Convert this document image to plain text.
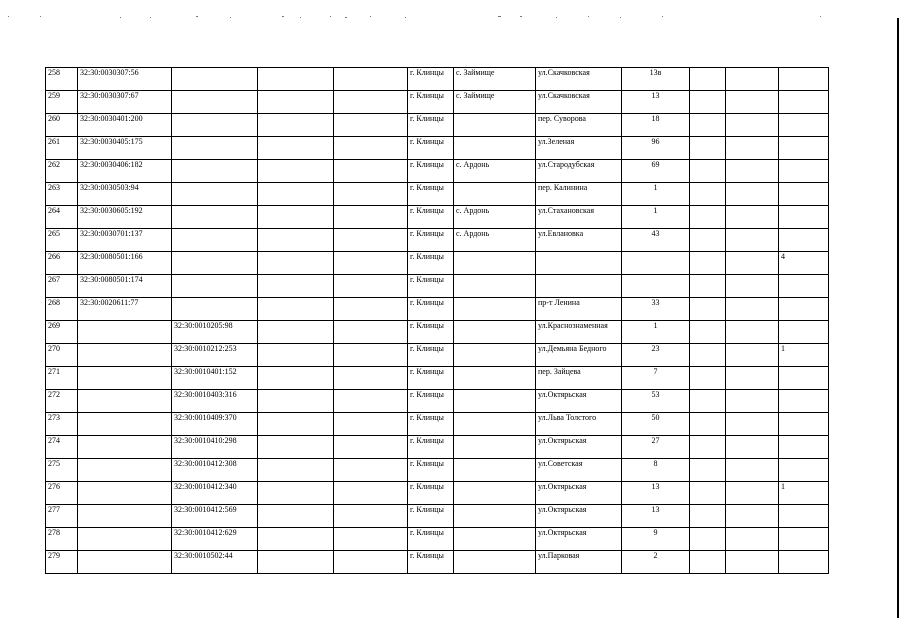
258	32:30:0030307:56				г. Клинцы	с. Займище	ул.Скачковская	13в			
259	32:30:0030307:67				г. Клинцы	с. Займище	ул.Скачковская	13			
260	32:30:0030401:200				г. Клинцы		пер. Суворова	18			
261	32:30:0030405:175				г. Клинцы		ул.Зеленая	96			
262	32:30:0030406:182				г. Клинцы	с. Ардонь	ул.Стародубская	69			
263	32:30:0030503:94				г. Клинцы		пер. Калинина	1			
264	32:30:0030605:192				г. Клинцы	с. Ардонь	ул.Стахановская	1			
265	32:30:0030701:137				г. Клинцы	с. Ардонь	ул.Евлановка	43			
266	32:30:0080501:166				г. Клинцы						4
267	32:30:0080501:174				г. Клинцы						
268	32:30:0020611:77				г. Клинцы		пр-т Ленина	33			
269		32:30:0010205:98			г. Клинцы		ул.Краснознаменная	1			
270		32:30:0010212:253			г. Клинцы		ул.Демьяна Бедного	23			1
271		32:30:0010401:152			г. Клинцы		пер. Зайцева	7			
272		32:30:0010403:316			г. Клинцы		ул.Октярьская	53			
273		32:30:0010409:370			г. Клинцы		ул.Льва Толстого	50			
274		32:30:0010410:298			г. Клинцы		ул.Октярьская	27			
275		32:30:0010412:308			г. Клинцы		ул.Советская	8			
276		32:30:0010412:340			г. Клинцы		ул.Октярьская	13			1
277		32:30:0010412:569			г. Клинцы		ул.Октярьская	13			
278		32:30:0010412:629			г. Клинцы		ул.Октярьская	9			
279		32:30:0010502:44			г. Клинцы		ул.Парковая	2			
